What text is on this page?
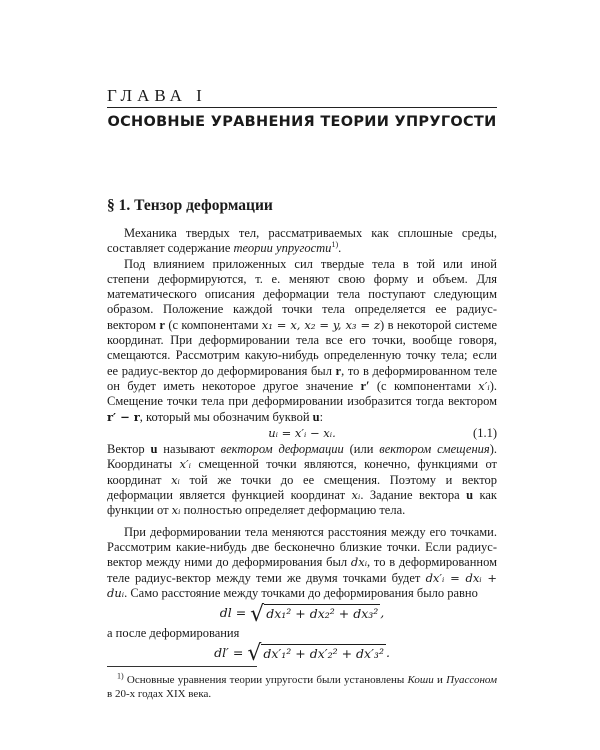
ГЛАВА I
ОСНОВНЫЕ УРАВНЕНИЯ ТЕОРИИ УПРУГОСТИ
§ 1. Тензор деформации

Механика твердых тел, рассматриваемых как сплошные среды, составляет содержание теории упругости$^{1)}$.

Под влиянием приложенных сил твердые тела в той или иной степени деформируются, т. е. меняют свою форму и объем. Для математического описания деформации тела поступают следующим образом. Положение каждой точки тела определяется ее радиус-вектором r (с компонентами x₁ = x, x₂ = y, x₃ = z) в некоторой системе координат. При деформировании тела все его точки, вообще говоря, смещаются. Рассмотрим какую-нибудь определенную точку тела; если ее радиус-вектор до деформирования был r, то в деформированном теле он будет иметь некоторое другое значение r′ (с компонентами x′ᵢ). Смещение точки тела при деформировании изобразится тогда вектором r′ − r, который мы обозначим буквой u:

uᵢ = x′ᵢ − xᵢ.	(1.1)

Вектор u называют вектором деформации (или вектором смещения). Координаты x′ᵢ смещенной точки являются, конечно, функциями от координат xᵢ той же точки до ее смещения. Поэтому и вектор деформации является функцией координат xᵢ. Задание вектора u как функции от xᵢ полностью определяет деформацию тела.

При деформировании тела меняются расстояния между его точками. Рассмотрим какие-нибудь две бесконечно близкие точки. Если радиус-вектор между ними до деформирования был dxᵢ, то в деформированном теле радиус-вектор между теми же двумя точками будет dx′ᵢ = dxᵢ + duᵢ. Само расстояние между точками до деформирования было равно

dl = √ dx₁² + dx₂² + dx₃² ,

а после деформирования

dl′ = √ dx′₁² + dx′₂² + dx′₃² .
$^{1)}$ Основные уравнения теории упругости были установлены Коши и Пуассоном в 20-х годах XIX века.
